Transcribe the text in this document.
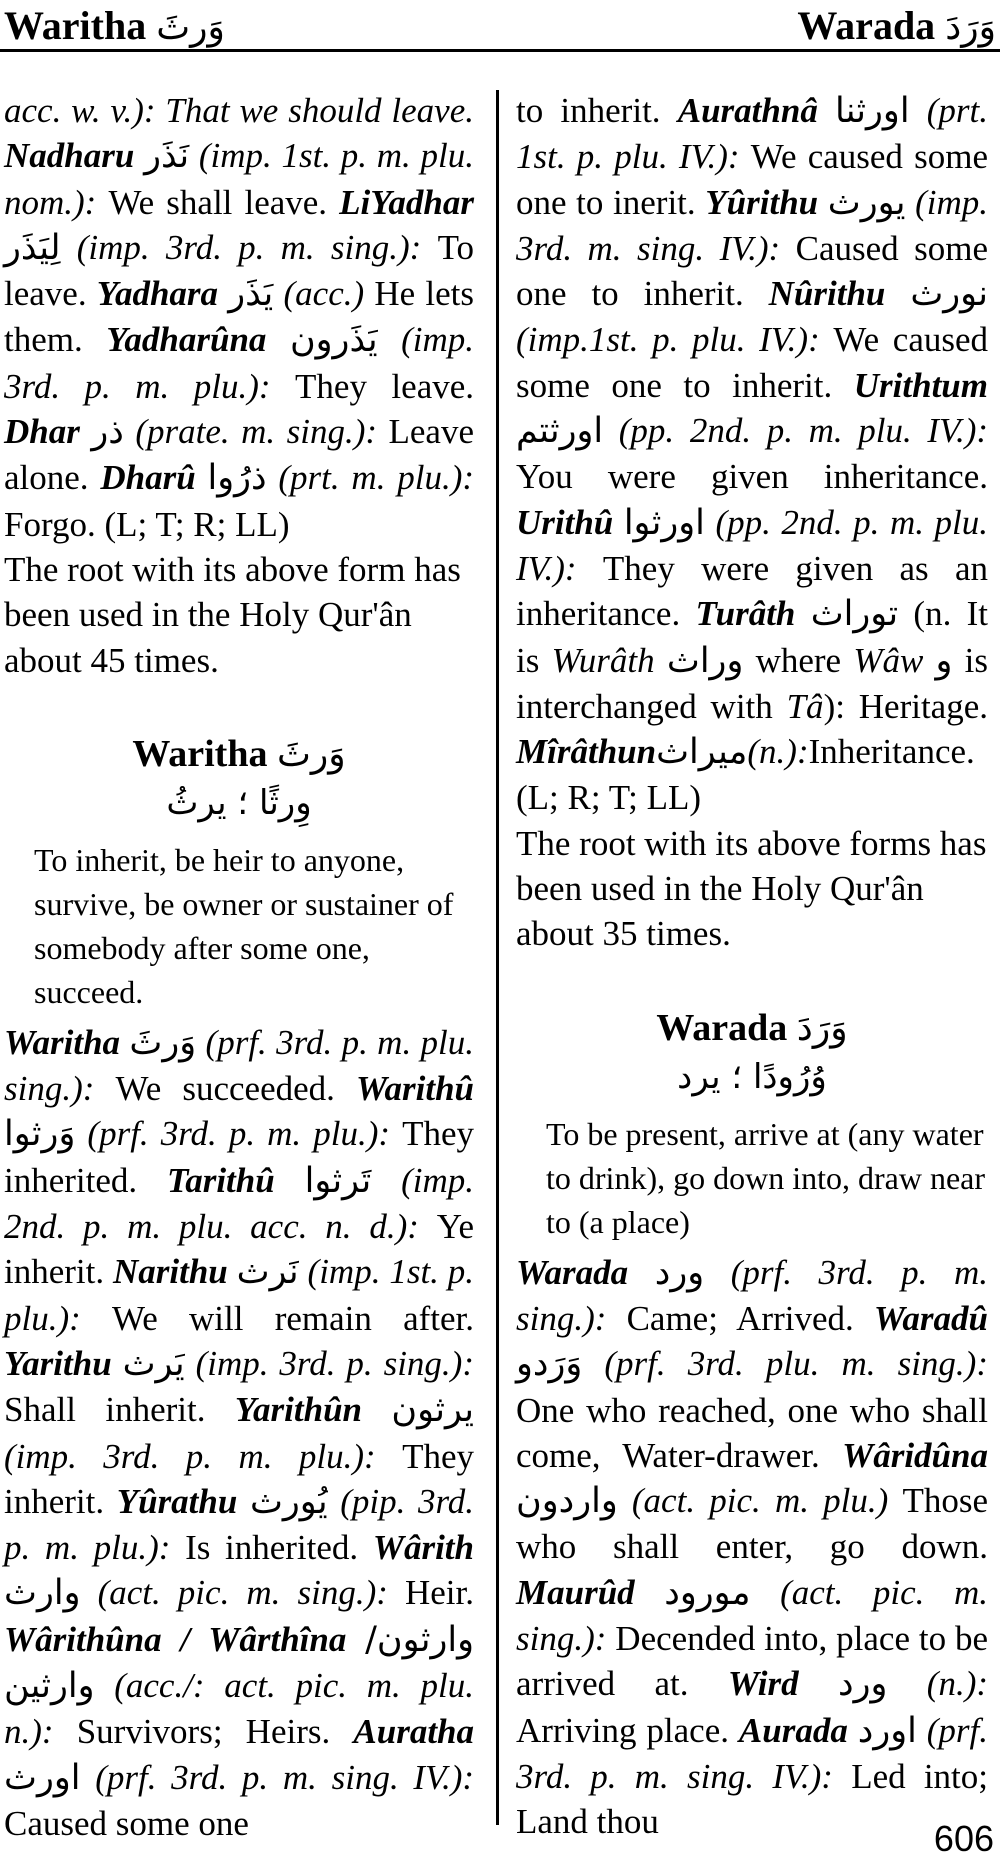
Waritha وَرثَ	Warada وَرَدَ

acc. w. v.): That we should leave. Nadharu نَذَر (imp. 1st. p. m. plu. nom.): We shall leave. LiYadhar لِيَذَر (imp. 3rd. p. m. sing.): To leave. Yadhara يَذَر (acc.) He lets them. Yadharûna يَذَرون (imp. 3rd. p. m. plu.): They leave. Dhar ذر (prate. m. sing.): Leave alone. Dharû ذرُوا (prt. m. plu.): Forgo. (L; T; R; LL)

The root with its above form has been used in the Holy Qur'ân about 45 times.

Waritha وَرثَ
وِرثًا ؛ يرثُ

To inherit, be heir to anyone, survive, be owner or sustainer of somebody after some one, succeed.

Waritha وَرثَ (prf. 3rd. p. m. plu. sing.): We succeeded. Warithû وَرثوا (prf. 3rd. p. m. plu.): They inherited. Tarithû تَرثوا (imp. 2nd. p. m. plu. acc. n. d.): Ye inherit. Narithu نَرث (imp. 1st. p. plu.): We will remain after. Yarithu يَرث (imp. 3rd. p. sing.): Shall inherit. Yarithûn يرثون (imp. 3rd. p. m. plu.): They inherit. Yûrathu يُورث (pip. 3rd. p. m. plu.): Is inherited. Wârith وارث (act. pic. m. sing.): Heir. Wârithûna / Wârthîna وارثون/ وارثين (acc./: act. pic. m. plu. n.): Survivors; Heirs. Auratha اورث (prf. 3rd. p. m. sing. IV.): Caused some one

to inherit. Aurathnâ اورثنا (prt. 1st. p. plu. IV.): We caused some one to inerit. Yûrithu يورث (imp. 3rd. m. sing. IV.): Caused some one to inherit. Nûrithu نورث (imp.1st. p. plu. IV.): We caused some one to inherit. Urithtum اورثتم (pp. 2nd. p. m. plu. IV.): You were given inheritance. Urithû اورثوا (pp. 2nd. p. m. plu. IV.): They were given as an inheritance. Turâth توراث (n. It is Wurâth وراث where Wâw و is interchanged with Tâ): Heritage. Mîrâthunميراث(n.):Inheritance. (L; R; T; LL)

The root with its above forms has been used in the Holy Qur'ân about 35 times.

Warada وَرَدَ
وُرُودًا ؛ يرد

To be present, arrive at (any water to drink), go down into, draw near to (a place)

Warada ورد (prf. 3rd. p. m. sing.): Came; Arrived. Waradû وَرَدو (prf. 3rd. plu. m. sing.): One who reached, one who shall come, Water-drawer. Wâridûna واردون (act. pic. m. plu.) Those who shall enter, go down. Maurûd مورود (act. pic. m. sing.): Decended into, place to be arrived at. Wird ورد (n.): Arriving place. Aurada اورد (prf. 3rd. p. m. sing. IV.): Led into; Land thou	606
